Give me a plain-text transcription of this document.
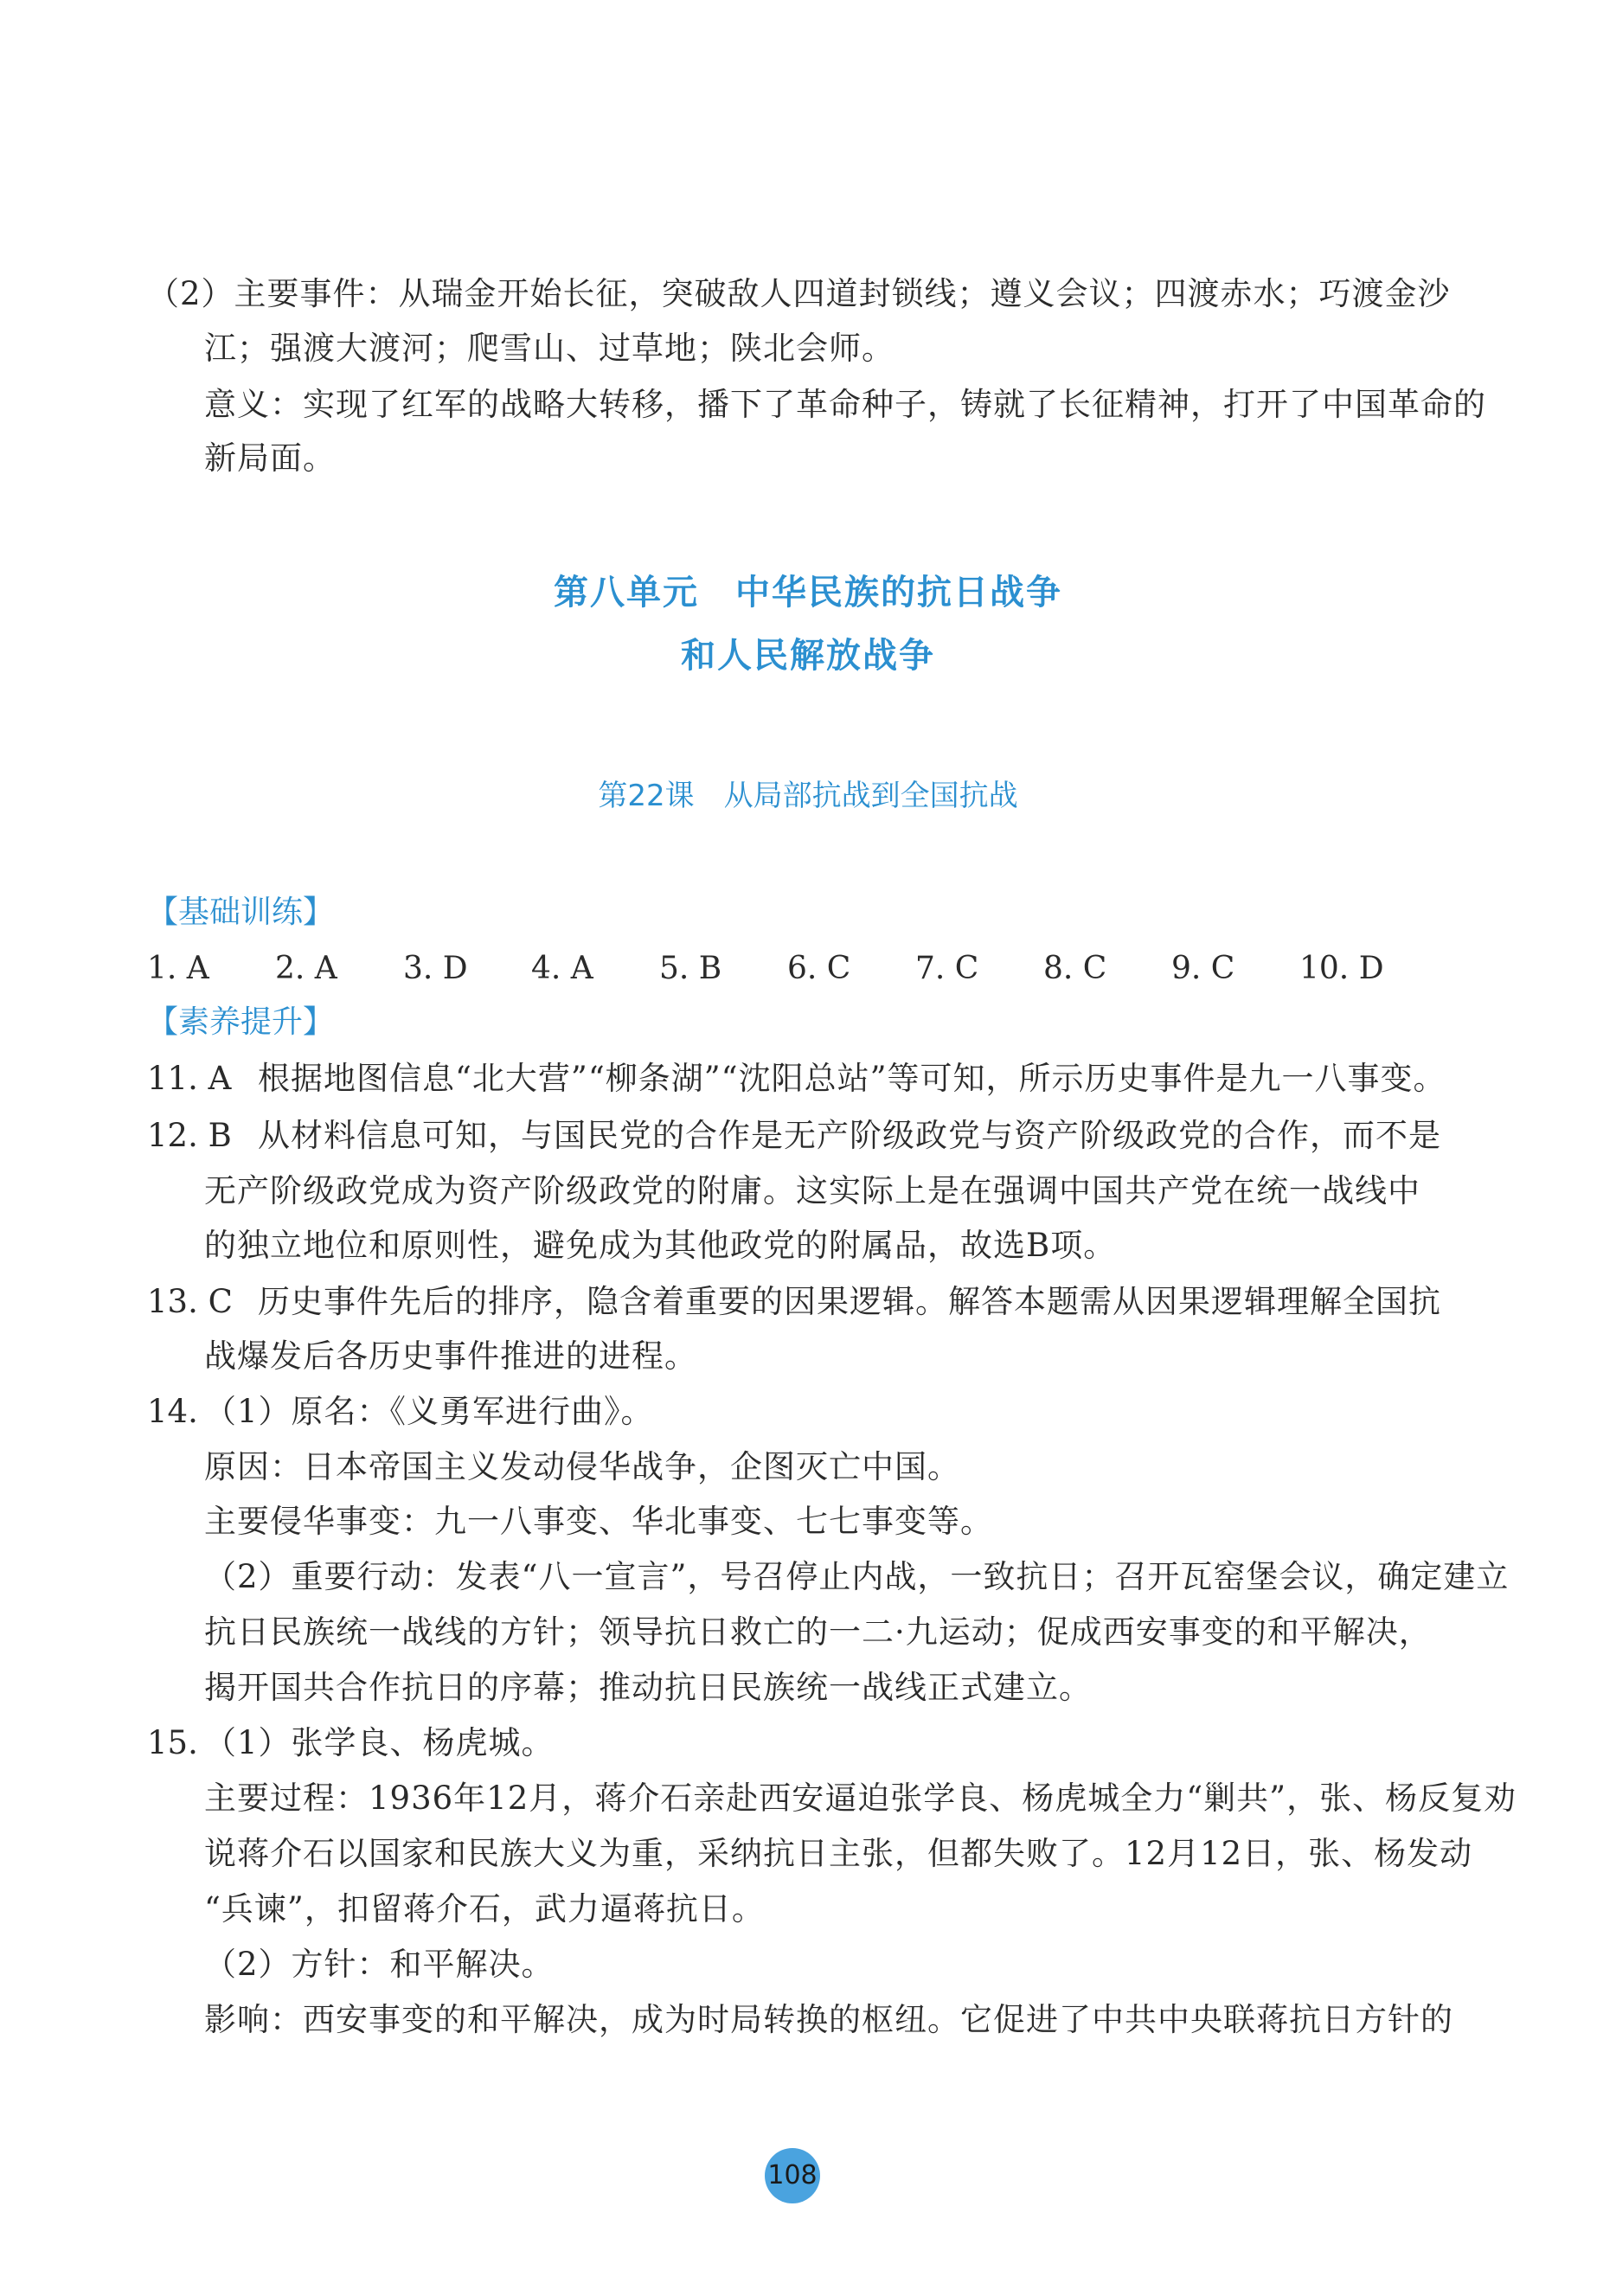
（2）主要事件：从瑞金开始长征，突破敌人四道封锁线；遵义会议；四渡赤水；巧渡金沙
江；强渡大渡河；爬雪山、过草地；陕北会师。
意义：实现了红军的战略大转移，播下了革命种子，铸就了长征精神，打开了中国革命的
新局面。
第八单元　中华民族的抗日战争
和人民解放战争
第22课　从局部抗战到全国抗战
【基础训练】
1. A 2. A 3. D 4. A 5. B 6. C 7. C 8. C 9. C 10. D
【素养提升】
11. A 根据地图信息“北大营”“柳条湖”“沈阳总站”等可知，所示历史事件是九一八事变。
12. B 从材料信息可知，与国民党的合作是无产阶级政党与资产阶级政党的合作，而不是
无产阶级政党成为资产阶级政党的附庸。这实际上是在强调中国共产党在统一战线中
的独立地位和原则性，避免成为其他政党的附属品，故选B项。
13. C 历史事件先后的排序，隐含着重要的因果逻辑。解答本题需从因果逻辑理解全国抗
战爆发后各历史事件推进的进程。
14. （1）原名：《义勇军进行曲》。
原因：日本帝国主义发动侵华战争，企图灭亡中国。
主要侵华事变：九一八事变、华北事变、七七事变等。
（2）重要行动：发表“八一宣言”，号召停止内战，一致抗日；召开瓦窑堡会议，确定建立
抗日民族统一战线的方针；领导抗日救亡的一二·九运动；促成西安事变的和平解决，
揭开国共合作抗日的序幕；推动抗日民族统一战线正式建立。
15. （1）张学良、杨虎城。
主要过程：1936年12月，蒋介石亲赴西安逼迫张学良、杨虎城全力“剿共”，张、杨反复劝
说蒋介石以国家和民族大义为重，采纳抗日主张，但都失败了。12月12日，张、杨发动
“兵谏”，扣留蒋介石，武力逼蒋抗日。
（2）方针：和平解决。
影响：西安事变的和平解决，成为时局转换的枢纽。它促进了中共中央联蒋抗日方针的
108
